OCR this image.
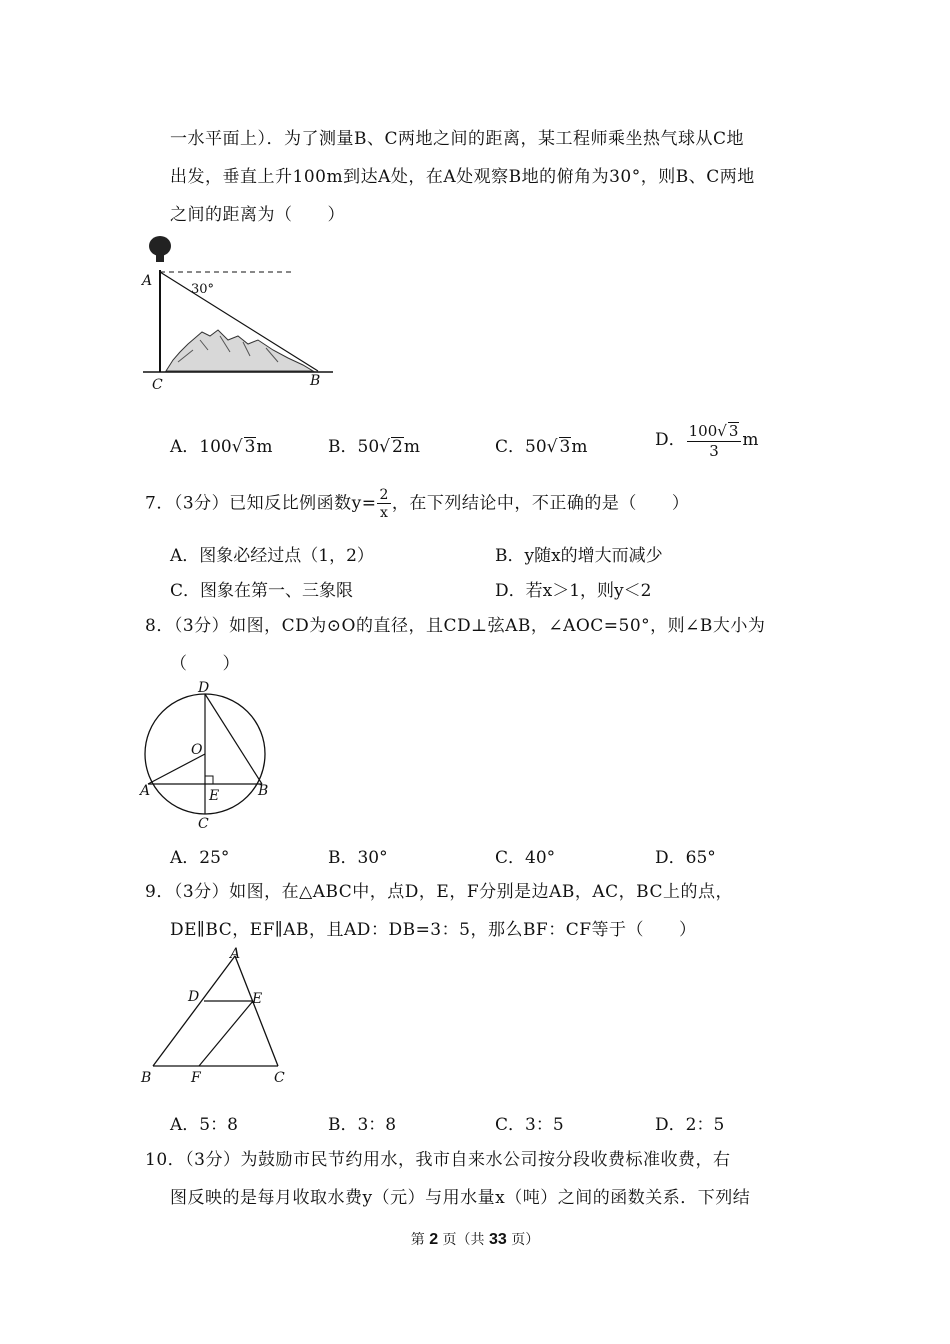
一水平面上）．为了测量B、C两地之间的距离，某工程师乘坐热气球从C地
出发，垂直上升100m到达A处，在A处观察B地的俯角为30°，则B、C两地
之间的距离为（　　）
A
C	B
30°
A．100√ 3m	B．50√ 2m	C．50√ 3m	D． $\frac{100√ 3}{3}$ m
7．（3分）已知反比例函数$y= \frac{2}{x}$ ，在下列结论中，不正确的是（　　）
A．图象必经过点（1，2）	B．y随x的增大而减少
C．图象在第一、三象限	D．若x＞1，则y＜2
8．（3分）如图，CD为⊙O的直径，且CD⊥弦AB，∠AOC=50°，则∠B大小为
（　　）
D
O
A	B
E
C
A．25°	B．30°	C．40°	D．65°
9．（3分）如图，在△ABC中，点D，E，F分别是边AB，AC，BC上的点，
DE∥BC，EF∥AB，且AD：DB=3：5，那么BF：CF等于（　　）
A
D	E
B	F	C
A．5：8	B．3：8	C．3：5	D．2：5
10．（3分）为鼓励市民节约用水，我市自来水公司按分段收费标准收费，右
图反映的是每月收取水费y（元）与用水量x（吨）之间的函数关系．下列结
第 2 页（共 33 页）
